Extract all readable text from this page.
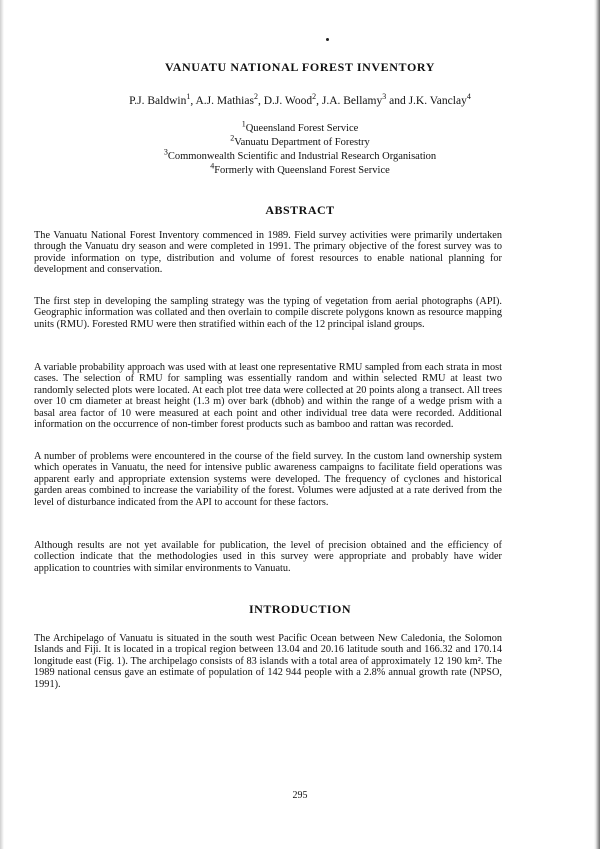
VANUATU NATIONAL FOREST INVENTORY
P.J. Baldwin$^1$, A.J. Mathias$^2$, D.J. Wood$^2$, J.A. Bellamy$^3$ and J.K. Vanclay$^4$
$^1$Queensland Forest Service
$^2$Vanuatu Department of Forestry
$^3$Commonwealth Scientific and Industrial Research Organisation
$^4$Formerly with Queensland Forest Service
ABSTRACT

The Vanuatu National Forest Inventory commenced in 1989. Field survey activities were primarily undertaken through the Vanuatu dry season and were completed in 1991. The primary objective of the forest survey was to provide information on type, distribution and volume of forest resources to enable national planning for development and conservation.

The first step in developing the sampling strategy was the typing of vegetation from aerial photographs (API). Geographic information was collated and then overlain to compile discrete polygons known as resource mapping units (RMU). Forested RMU were then stratified within each of the 12 principal island groups.

A variable probability approach was used with at least one representative RMU sampled from each strata in most cases. The selection of RMU for sampling was essentially random and within selected RMU at least two randomly selected plots were located. At each plot tree data were collected at 20 points along a transect. All trees over 10 cm diameter at breast height (1.3 m) over bark (dbhob) and within the range of a wedge prism with a basal area factor of 10 were measured at each point and other individual tree data were recorded. Additional information on the occurrence of non-timber forest products such as bamboo and rattan was recorded.

A number of problems were encountered in the course of the field survey. In the custom land ownership system which operates in Vanuatu, the need for intensive public awareness campaigns to facilitate field operations was apparent early and appropriate extension systems were developed. The frequency of cyclones and historical garden areas combined to increase the variability of the forest. Volumes were adjusted at a rate derived from the level of disturbance indicated from the API to account for these factors.

Although results are not yet available for publication, the level of precision obtained and the efficiency of collection indicate that the methodologies used in this survey were appropriate and probably have wider application to countries with similar environments to Vanuatu.

INTRODUCTION

The Archipelago of Vanuatu is situated in the south west Pacific Ocean between New Caledonia, the Solomon Islands and Fiji. It is located in a tropical region between 13.04 and 20.16 latitude south and 166.32 and 170.14 longitude east (Fig. 1). The archipelago consists of 83 islands with a total area of approximately 12 190 km². The 1989 national census gave an estimate of population of 142 944 people with a 2.8% annual growth rate (NPSO, 1991).

295
